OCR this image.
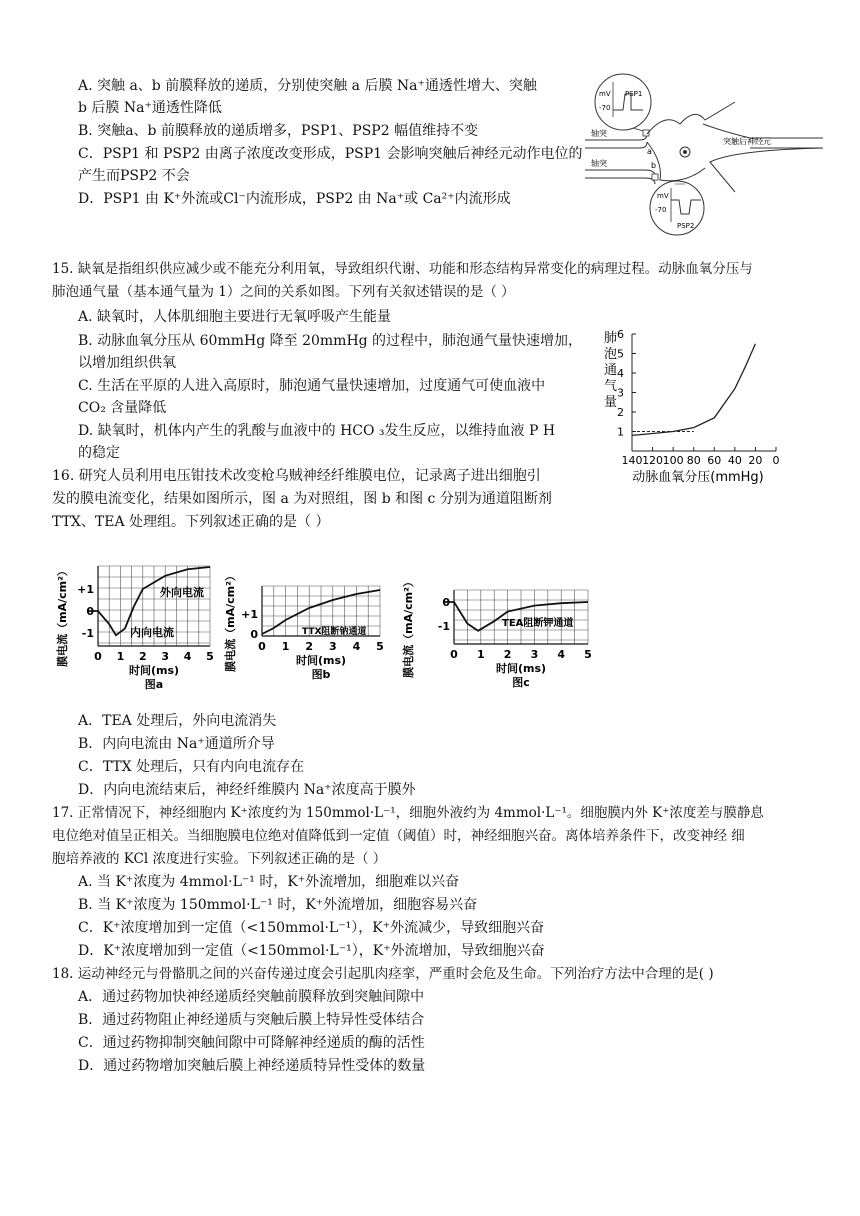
A. 突触 a、b 前膜释放的递质，分别使突触 a 后膜 Na⁺通透性增大、突触
b 后膜 Na⁺通透性降低
B. 突触a、b 前膜释放的递质增多，PSP1、PSP2 幅值维持不变
C．PSP1 和 PSP2 由离子浓度改变形成，PSP1 会影响突触后神经元动作电位的
产生而PSP2 不会
D．PSP1 由 K⁺外流或Cl⁻内流形成，PSP2 由 Na⁺或 Ca²⁺内流形成
mV
-70
PSP1
轴突
a
轴突	b
突触后神经元
mV
-70
PSP2
15. 缺氧是指组织供应减少或不能充分利用氧，导致组织代谢、功能和形态结构异常变化的病理过程。动脉血氧分压与
肺泡通气量（基本通气量为 1）之间的关系如图。下列有关叙述错误的是（ ）
A. 缺氧时，人体肌细胞主要进行无氧呼吸产生能量
B. 动脉血氧分压从 60mmHg 降至 20mmHg 的过程中，肺泡通气量快速增加，
以增加组织供氧
C. 生活在平原的人进入高原时，肺泡通气量快速增加，过度通气可使血液中
CO₂ 含量降低
D. 缺氧时，机体内产生的乳酸与血液中的 HCO ₃发生反应，以维持血液 P H
的稳定
1
2
3
4
5
6
140 120 100 80 60 40 20 0
肺泡通气量
动脉血氧分压(mmHg)
16. 研究人员利用电压钳技术改变枪乌贼神经纤维膜电位，记录离子进出细胞引
发的膜电流变化，结果如图所示，图 a 为对照组，图 b 和图 c 分别为通道阻断剂
TTX、TEA 处理组。下列叙述正确的是（ ）
0 1 2 3 4 5
+1
0
-1
时间(ms)
图a
膜电流（mA/cm²）	外向电流
内向电流
0 1 2 3 4 5
+1
0
时间(ms)
图b
膜电流（mA/cm²）	TTX阻断钠通道
0 1 2 3 4 5
0
-1
时间(ms)
图c
膜电流（mA/cm²）	TEA阻断钾通道
A．TEA 处理后，外向电流消失
B．内向电流由 Na⁺通道所介导
C．TTX 处理后，只有内向电流存在
D．内向电流结束后，神经纤维膜内 Na⁺浓度高于膜外
17. 正常情况下，神经细胞内 K⁺浓度约为 150mmol·L⁻¹，细胞外液约为 4mmol·L⁻¹。细胞膜内外 K⁺浓度差与膜静息
电位绝对值呈正相关。当细胞膜电位绝对值降低到一定值（阈值）时，神经细胞兴奋。离体培养条件下，改变神经 细
胞培养液的 KCl 浓度进行实验。下列叙述正确的是（ ）
A. 当 K⁺浓度为 4mmol·L⁻¹ 时，K⁺外流增加，细胞难以兴奋
B. 当 K⁺浓度为 150mmol·L⁻¹ 时，K⁺外流增加，细胞容易兴奋
C．K⁺浓度增加到一定值（<150mmol·L⁻¹），K⁺外流减少，导致细胞兴奋
D．K⁺浓度增加到一定值（<150mmol·L⁻¹），K⁺外流增加，导致细胞兴奋
18. 运动神经元与骨骼肌之间的兴奋传递过度会引起肌肉痉挛，严重时会危及生命。下列治疗方法中合理的是( )
A．通过药物加快神经递质经突触前膜释放到突触间隙中
B．通过药物阻止神经递质与突触后膜上特异性受体结合
C．通过药物抑制突触间隙中可降解神经递质的酶的活性
D．通过药物增加突触后膜上神经递质特异性受体的数量
